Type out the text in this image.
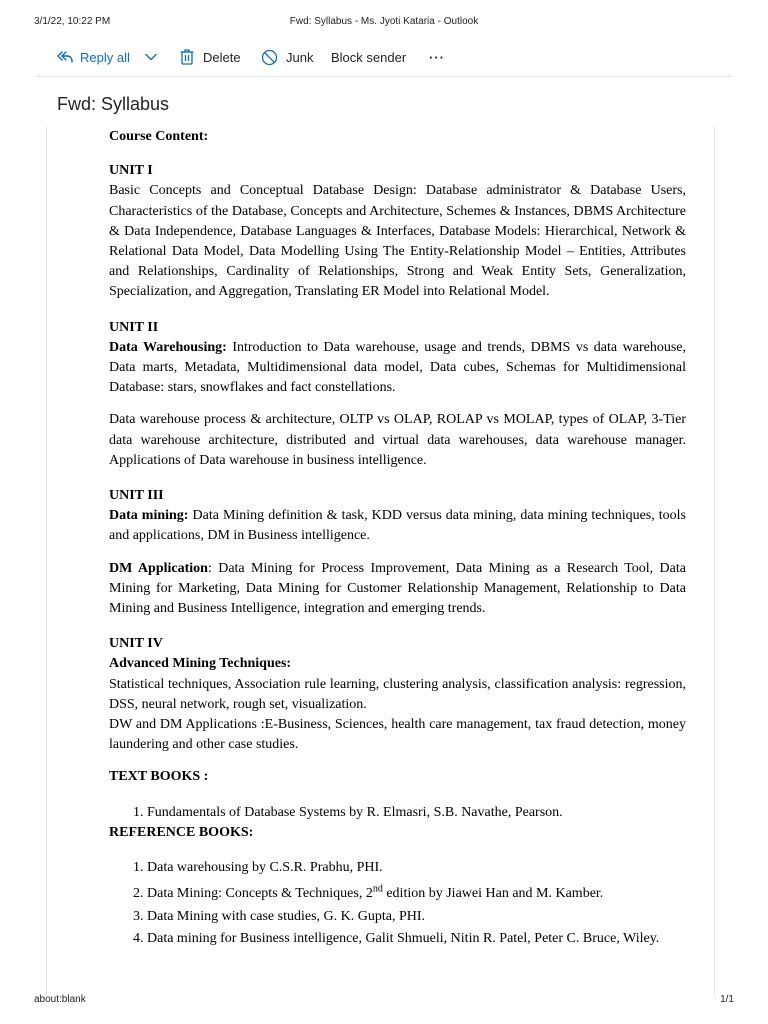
3/1/22, 10:22 PM	Fwd: Syllabus - Ms. Jyoti Kataria - Outlook
Reply all	Delete	Junk Block sender ···
Fwd: Syllabus

Course Content:

UNIT I

Basic Concepts and Conceptual Database Design: Database administrator & Database Users, Characteristics of the Database, Concepts and Architecture, Schemes & Instances, DBMS Architecture & Data Independence, Database Languages & Interfaces, Database Models: Hierarchical, Network & Relational Data Model, Data Modelling Using The Entity-Relationship Model – Entities, Attributes and Relationships, Cardinality of Relationships, Strong and Weak Entity Sets, Generalization, Specialization, and Aggregation, Translating ER Model into Relational Model.

UNIT II

Data Warehousing: Introduction to Data warehouse, usage and trends, DBMS vs data warehouse, Data marts, Metadata, Multidimensional data model, Data cubes, Schemas for Multidimensional Database: stars, snowflakes and fact constellations.

Data warehouse process & architecture, OLTP vs OLAP, ROLAP vs MOLAP, types of OLAP, 3-Tier data warehouse architecture, distributed and virtual data warehouses, data warehouse manager. Applications of Data warehouse in business intelligence.

UNIT III

Data mining: Data Mining definition & task, KDD versus data mining, data mining techniques, tools and applications, DM in Business intelligence.

DM Application: Data Mining for Process Improvement, Data Mining as a Research Tool, Data Mining for Marketing, Data Mining for Customer Relationship Management, Relationship to Data Mining and Business Intelligence, integration and emerging trends.

UNIT IV

Advanced Mining Techniques:

Statistical techniques, Association rule learning, clustering analysis, classification analysis: regression, DSS, neural network, rough set, visualization.

DW and DM Applications :E-Business, Sciences, health care management, tax fraud detection, money laundering and other case studies.

TEXT BOOKS :

1. Fundamentals of Database Systems by R. Elmasri, S.B. Navathe, Pearson.

REFERENCE BOOKS:

1. Data warehousing by C.S.R. Prabhu, PHI.
2. Data Mining: Concepts & Techniques, 2nd edition by Jiawei Han and M. Kamber.
3. Data Mining with case studies, G. K. Gupta, PHI.
4. Data mining for Business intelligence, Galit Shmueli, Nitin R. Patel, Peter C. Bruce, Wiley.
about:blank	1/1
